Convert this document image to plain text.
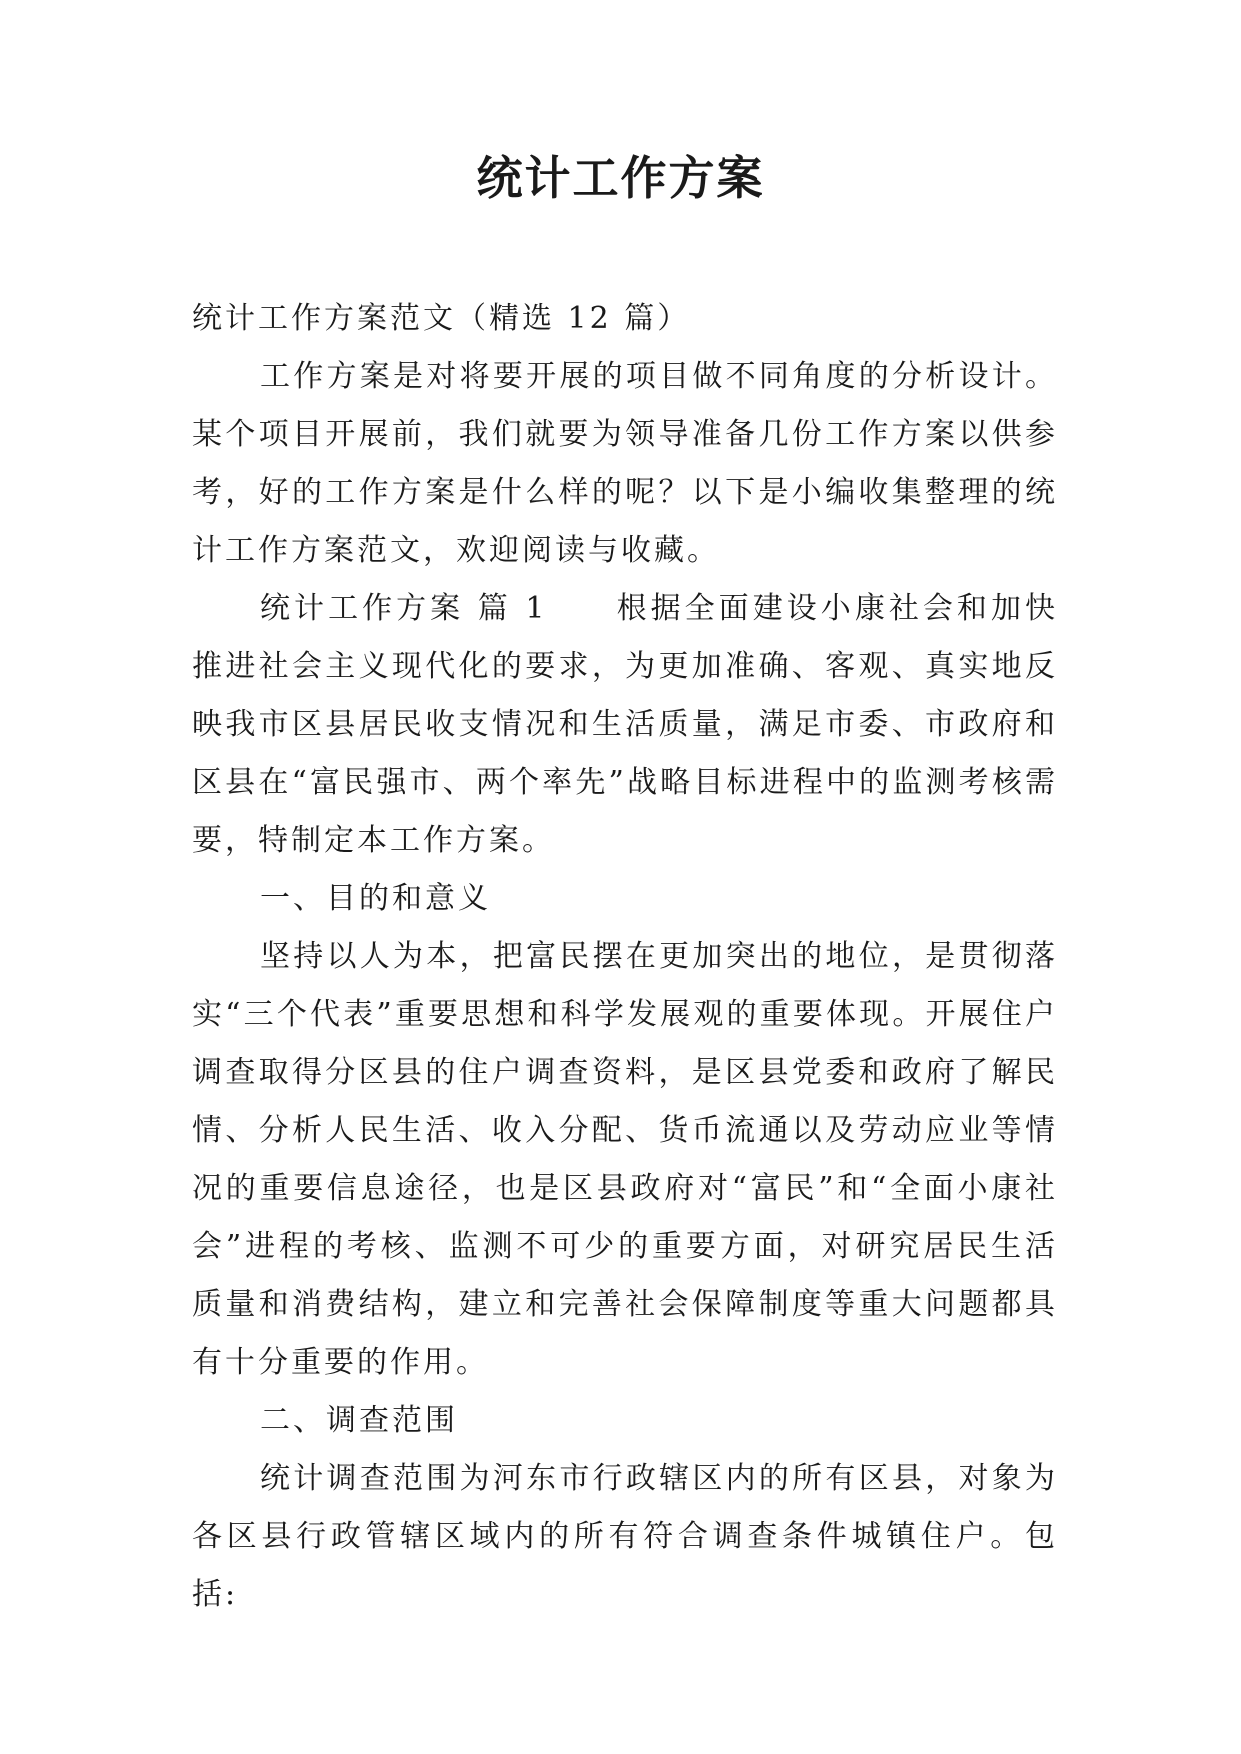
统计工作方案

统计工作方案范文（精选 12 篇）

工作方案是对将要开展的项目做不同角度的分析设计。某个项目开展前，我们就要为领导准备几份工作方案以供参考，好的工作方案是什么样的呢？以下是小编收集整理的统计工作方案范文，欢迎阅读与收藏。

统计工作方案 篇 1　　根据全面建设小康社会和加快推进社会主义现代化的要求，为更加准确、客观、真实地反映我市区县居民收支情况和生活质量，满足市委、市政府和区县在“富民强市、两个率先”战略目标进程中的监测考核需要，特制定本工作方案。

一、目的和意义

坚持以人为本，把富民摆在更加突出的地位，是贯彻落实“三个代表”重要思想和科学发展观的重要体现。开展住户调查取得分区县的住户调查资料，是区县党委和政府了解民情、分析人民生活、收入分配、货币流通以及劳动应业等情况的重要信息途径，也是区县政府对“富民”和“全面小康社会”进程的考核、监测不可少的重要方面，对研究居民生活质量和消费结构，建立和完善社会保障制度等重大问题都具有十分重要的作用。

二、调查范围

统计调查范围为河东市行政辖区内的所有区县，对象为各区县行政管辖区域内的所有符合调查条件城镇住户。包括:
